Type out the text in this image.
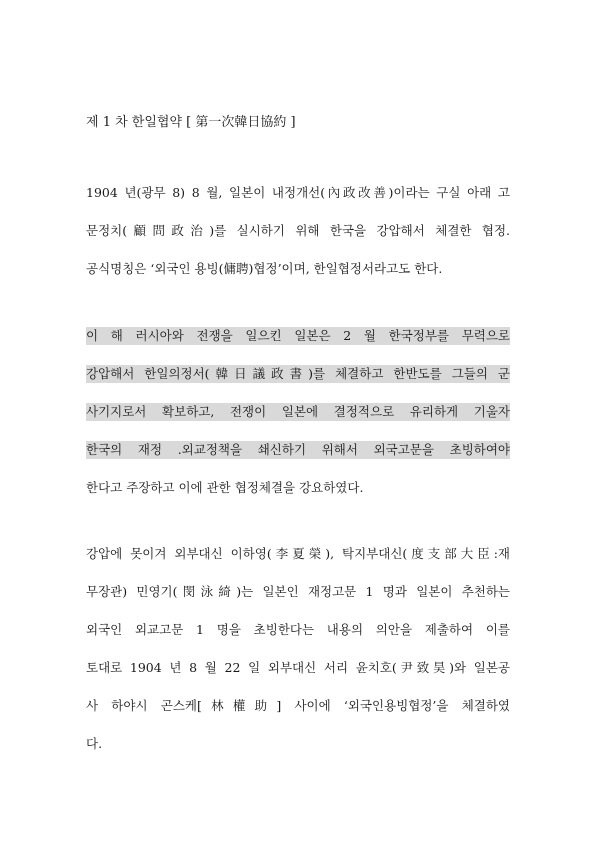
제 1 차 한일협약 [ 第一次韓日協約 ]
1904 년(광무 8) 8 월, 일본이 내정개선(內政改善)이라는 구실 아래 고
문정치(顧問政治)를 실시하기 위해 한국을 강압해서 체결한 협정.
공식명칭은 ‘외국인 용빙(傭聘)협정’이며, 한일협정서라고도 한다.
이 해 러시아와 전쟁을 일으킨 일본은 2 월 한국정부를 무력으로
강압해서 한일의정서(韓日議政書)를 체결하고 한반도를 그들의 군
사기지로서 확보하고, 전쟁이 일본에 결정적으로 유리하게 기울자
한국의 재정 .외교정책을 쇄신하기 위해서 외국고문을 초빙하여야
한다고 주장하고 이에 관한 협정체결을 강요하였다.
강압에 못이겨 외부대신 이하영(李夏榮), 탁지부대신(度支部大臣:재
무장관) 민영기(閔泳綺)는 일본인 재정고문 1 명과 일본이 추천하는
외국인 외교고문 1 명을 초빙한다는 내용의 의안을 제출하여 이를
토대로 1904 년 8 월 22 일 외부대신 서리 윤치호(尹致昊)와 일본공
사 하야시 곤스케[林權助] 사이에 ‘외국인용빙협정’을 체결하였
다.
